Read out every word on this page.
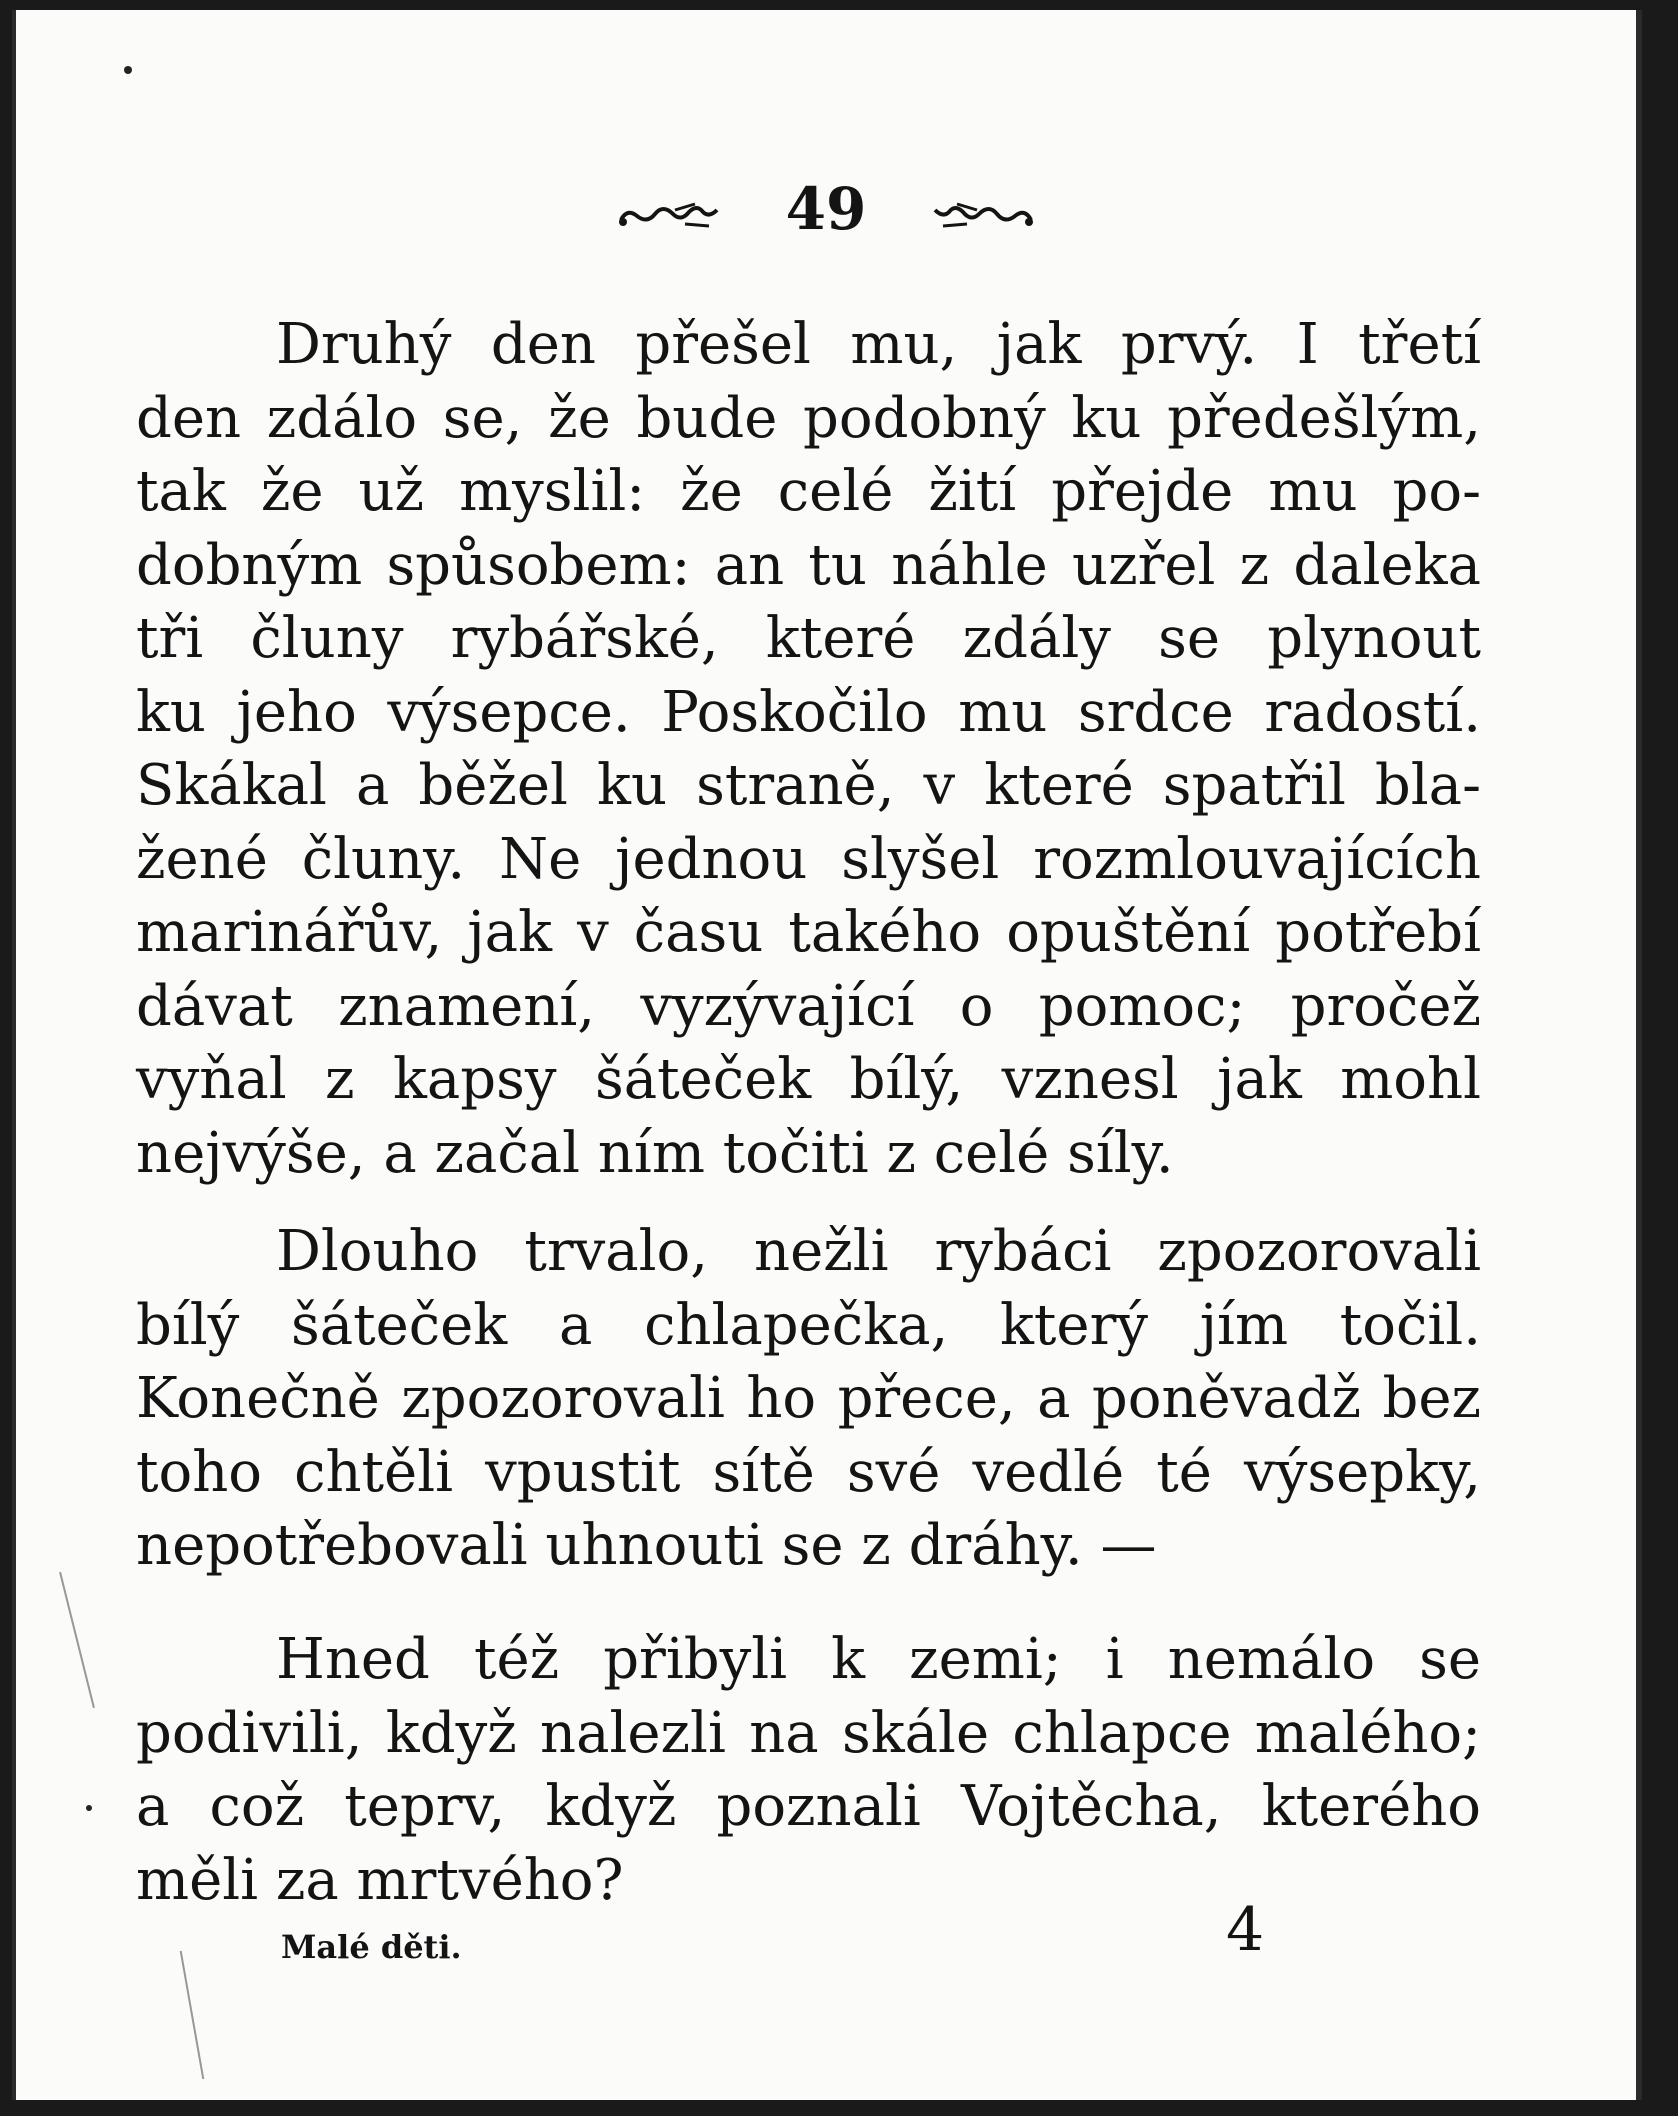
49
Druhý den přešel mu, jak prvý. I třetí
den zdálo se, že bude podobný ku předešlým,
tak že už myslil: že celé žití přejde mu po-
dobným spůsobem: an tu náhle uzřel z daleka
tři čluny rybářské, které zdály se plynout
ku jeho výsepce. Poskočilo mu srdce radostí.
Skákal a běžel ku straně, v které spatřil bla-
žené čluny. Ne jednou slyšel rozmlouvajících
marinářův, jak v času takého opuštění potřebí
dávat znamení, vyzývající o pomoc; pročež
vyňal z kapsy šáteček bílý, vznesl jak mohl
nejvýše, a začal ním točiti z celé síly.
Dlouho trvalo, nežli rybáci zpozorovali
bílý šáteček a chlapečka, který jím točil.
Konečně zpozorovali ho přece, a poněvadž bez
toho chtěli vpustit sítě své vedlé té výsepky,
nepotřebovali uhnouti se z dráhy. —
Hned též přibyli k zemi; i nemálo se
podivili, když nalezli na skále chlapce malého;
a což teprv, když poznali Vojtěcha, kterého
měli za mrtvého?
Malé děti.	4
